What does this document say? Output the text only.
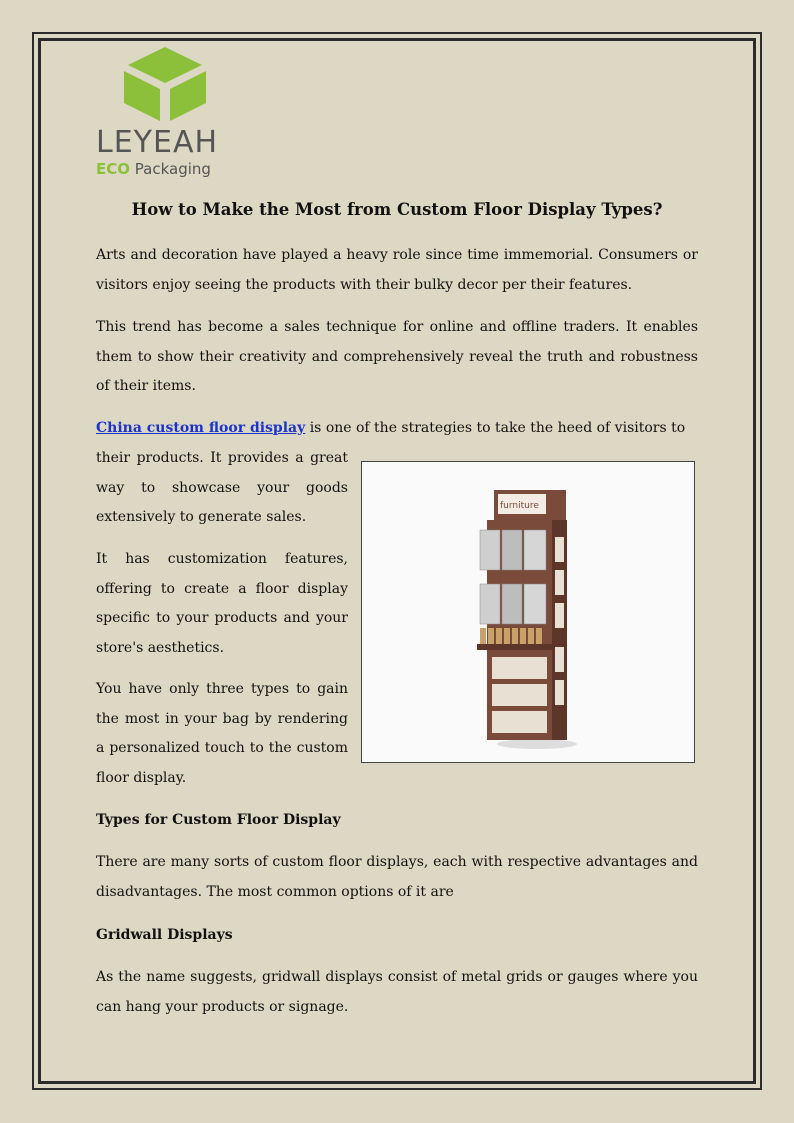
LEYEAH
ECO Packaging
How to Make the Most from Custom Floor Display Types?

Arts and decoration have played a heavy role since time immemorial. Consumers or visitors enjoy seeing the products with their bulky decor per their features.

This trend has become a sales technique for online and offline traders. It enables them to show their creativity and comprehensively reveal the truth and robustness of their items.

China custom floor display is one of the strategies to take the heed of visitors to

their products. It provides a great way to showcase your goods extensively to generate sales.

It has customization features, offering to create a floor display specific to your products and your store's aesthetics.

You have only three types to gain the most in your bag by rendering a personalized touch to the custom floor display.

Types for Custom Floor Display

There are many sorts of custom floor displays, each with respective advantages and disadvantages. The most common options of it are

Gridwall Displays

As the name suggests, gridwall displays consist of metal grids or gauges where you can hang your products or signage.

furniture
